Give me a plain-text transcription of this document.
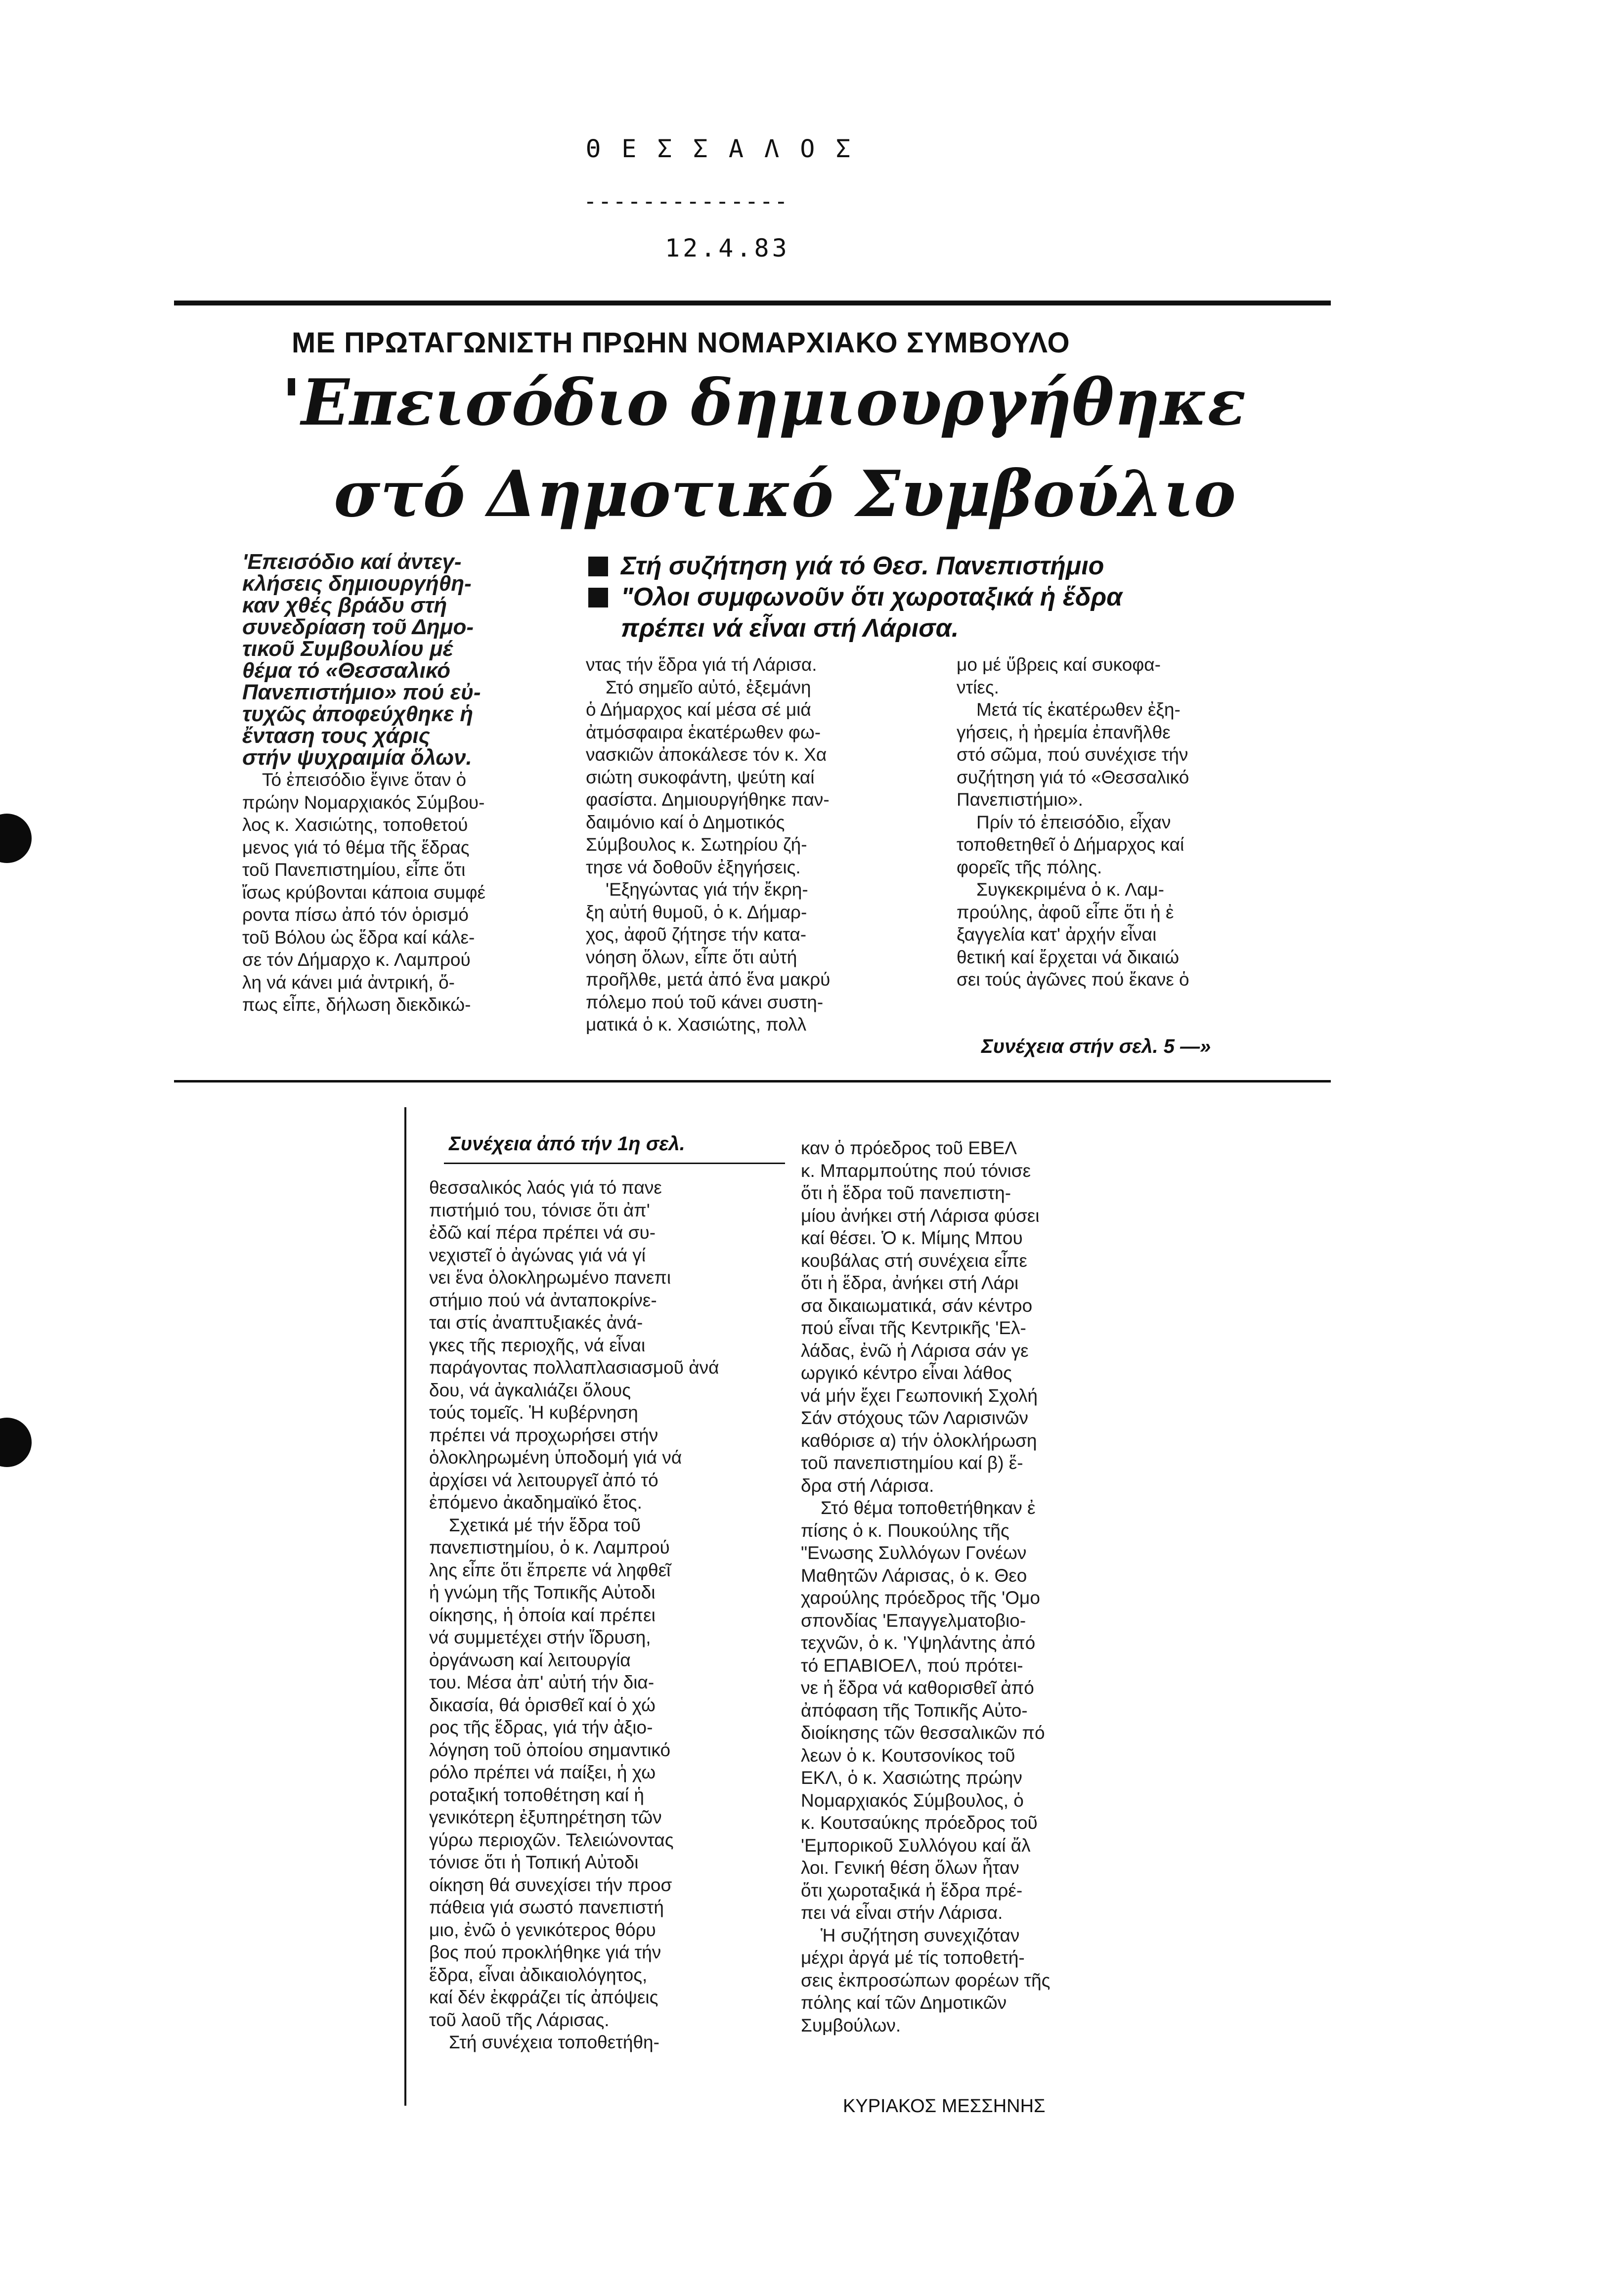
Θ Ε Σ Σ Α Λ Ο Σ
--------------
12.4.83
ΜΕ ΠΡΩΤΑΓΩΝΙΣΤΗ ΠΡΩΗΝ ΝΟΜΑΡΧΙΑΚΟ ΣΥΜΒΟΥΛΟ
'Επεισόδιο δημιουργήθηκε
στό Δημοτικό Συμβούλιο
Στή συζήτηση γιά τό Θεσ. Πανεπιστήμιο
"Ολοι συμφωνοῦν ὅτι χωροταξικά ἡ ἕδρα
πρέπει νά εἶναι στή Λάρισα.
'Επεισόδιο καί ἀντεγ-
κλήσεις δημιουργήθη-
καν χθές βράδυ στή
συνεδρίαση τοῦ Δημο-
τικοῦ Συμβουλίου μέ
θέμα τό «Θεσσαλικό
Πανεπιστήμιο» πού εὐ-
τυχῶς ἀποφεύχθηκε ἡ
ἔνταση τους χάρις
στήν ψυχραιμία ὅλων.
Τό ἐπεισόδιο ἔγινε ὅταν ὁ
πρώην Νομαρχιακός Σύμβου-
λος κ. Χασιώτης, τοποθετού
μενος γιά τό θέμα τῆς ἕδρας
τοῦ Πανεπιστημίου, εἶπε ὅτι
ἴσως κρύβονται κάποια συμφέ
ροντα πίσω ἀπό τόν ὁρισμό
τοῦ Βόλου ὡς ἕδρα καί κάλε-
σε τόν Δήμαρχο κ. Λαμπρού
λη νά κάνει μιά ἀντρική, ὅ-
πως εἶπε, δήλωση διεκδικώ-
ντας τήν ἕδρα γιά τή Λάρισα.
Στό σημεῖο αὐτό, ἐξεμάνη
ὁ Δήμαρχος καί μέσα σέ μιά
ἀτμόσφαιρα ἑκατέρωθεν φω-
νασκιῶν ἀποκάλεσε τόν κ. Χα
σιώτη συκοφάντη, ψεύτη καί
φασίστα. Δημιουργήθηκε παν-
δαιμόνιο καί ὁ Δημοτικός
Σύμβουλος κ. Σωτηρίου ζή-
τησε νά δοθοῦν ἐξηγήσεις.
'Εξηγώντας γιά τήν ἔκρη-
ξη αὐτή θυμοῦ, ὁ κ. Δήμαρ-
χος, ἀφοῦ ζήτησε τήν κατα-
νόηση ὅλων, εἶπε ὅτι αὐτή
προῆλθε, μετά ἀπό ἕνα μακρύ
πόλεμο πού τοῦ κάνει συστη-
ματικά ὁ κ. Χασιώτης, πολλ
μο μέ ὕβρεις καί συκοφα-
ντίες.
Μετά τίς ἑκατέρωθεν ἐξη-
γήσεις, ἡ ἠρεμία ἐπανῆλθε
στό σῶμα, πού συνέχισε τήν
συζήτηση γιά τό «Θεσσαλικό
Πανεπιστήμιο».
Πρίν τό ἐπεισόδιο, εἶχαν
τοποθετηθεῖ ὁ Δήμαρχος καί
φορεῖς τῆς πόλης.
Συγκεκριμένα ὁ κ. Λαμ-
προύλης, ἀφοῦ εἶπε ὅτι ἡ ἐ
ξαγγελία κατ' ἀρχήν εἶναι
θετική καί ἔρχεται νά δικαιώ
σει τούς ἀγῶνες πού ἔκανε ὁ
Συνέχεια στήν σελ. 5 —»
Συνέχεια ἀπό τήν 1η σελ.
θεσσαλικός λαός γιά τό πανε
πιστήμιό του, τόνισε ὅτι ἀπ'
ἐδῶ καί πέρα πρέπει νά συ-
νεχιστεῖ ὁ ἀγώνας γιά νά γί
νει ἕνα ὁλοκληρωμένο πανεπι
στήμιο πού νά ἀνταποκρίνε-
ται στίς ἀναπτυξιακές ἀνά-
γκες τῆς περιοχῆς, νά εἶναι
παράγοντας πολλαπλασιασμοῦ ἀνά
δου, νά ἀγκαλιάζει ὅλους
τούς τομεῖς. Ἡ κυβέρνηση
πρέπει νά προχωρήσει στήν
ὁλοκληρωμένη ὑποδομή γιά νά
ἀρχίσει νά λειτουργεῖ ἀπό τό
ἐπόμενο ἀκαδημαϊκό ἔτος.
Σχετικά μέ τήν ἕδρα τοῦ
πανεπιστημίου, ὁ κ. Λαμπρού
λης εἶπε ὅτι ἔπρεπε νά ληφθεῖ
ἡ γνώμη τῆς Τοπικῆς Αὐτοδι
οίκησης, ἡ ὁποία καί πρέπει
νά συμμετέχει στήν ἵδρυση,
ὀργάνωση καί λειτουργία
του. Μέσα ἀπ' αὐτή τήν δια-
δικασία, θά ὁρισθεῖ καί ὁ χώ
ρος τῆς ἕδρας, γιά τήν ἀξιο-
λόγηση τοῦ ὁποίου σημαντικό
ρόλο πρέπει νά παίξει, ἡ χω
ροταξική τοποθέτηση καί ἡ
γενικότερη ἐξυπηρέτηση τῶν
γύρω περιοχῶν. Τελειώνοντας
τόνισε ὅτι ἡ Τοπική Αὐτοδι
οίκηση θά συνεχίσει τήν προσ
πάθεια γιά σωστό πανεπιστή
μιο, ἐνῶ ὁ γενικότερος θόρυ
βος πού προκλήθηκε γιά τήν
ἕδρα, εἶναι ἀδικαιολόγητος,
καί δέν ἐκφράζει τίς ἀπόψεις
τοῦ λαοῦ τῆς Λάρισας.
Στή συνέχεια τοποθετήθη-
καν ὁ πρόεδρος τοῦ ΕΒΕΛ
κ. Μπαρμπούτης πού τόνισε
ὅτι ἡ ἕδρα τοῦ πανεπιστη-
μίου ἀνήκει στή Λάρισα φύσει
καί θέσει. Ὁ κ. Μίμης Μπου
κουβάλας στή συνέχεια εἶπε
ὅτι ἡ ἕδρα, ἀνήκει στή Λάρι
σα δικαιωματικά, σάν κέντρο
πού εἶναι τῆς Κεντρικῆς 'Ελ-
λάδας, ἐνῶ ἡ Λάρισα σάν γε
ωργικό κέντρο εἶναι λάθος
νά μήν ἔχει Γεωπονική Σχολή
Σάν στόχους τῶν Λαρισινῶν
καθόρισε α) τήν ὁλοκλήρωση
τοῦ πανεπιστημίου καί β) ἕ-
δρα στή Λάρισα.
Στό θέμα τοποθετήθηκαν ἐ
πίσης ὁ κ. Πουκούλης τῆς
"Ενωσης Συλλόγων Γονέων
Μαθητῶν Λάρισας, ὁ κ. Θεο
χαρούλης πρόεδρος τῆς 'Ομο
σπονδίας 'Επαγγελματοβιο-
τεχνῶν, ὁ κ. 'Υψηλάντης ἀπό
τό ΕΠΑΒΙΟΕΛ, πού πρότει-
νε ἡ ἕδρα νά καθορισθεῖ ἀπό
ἀπόφαση τῆς Τοπικῆς Αὐτο-
διοίκησης τῶν θεσσαλικῶν πό
λεων ὁ κ. Κουτσονίκος τοῦ
ΕΚΛ, ὁ κ. Χασιώτης πρώην
Νομαρχιακός Σύμβουλος, ὁ
κ. Κουτσαύκης πρόεδρος τοῦ
'Εμπορικοῦ Συλλόγου καί ἄλ
λοι. Γενική θέση ὅλων ἦταν
ὅτι χωροταξικά ἡ ἕδρα πρέ-
πει νά εἶναι στήν Λάρισα.
Ἡ συζήτηση συνεχιζόταν
μέχρι ἀργά μέ τίς τοποθετή-
σεις ἐκπροσώπων φορέων τῆς
πόλης καί τῶν Δημοτικῶν
Συμβούλων.
ΚΥΡΙΑΚΟΣ ΜΕΣΣΗΝΗΣ
